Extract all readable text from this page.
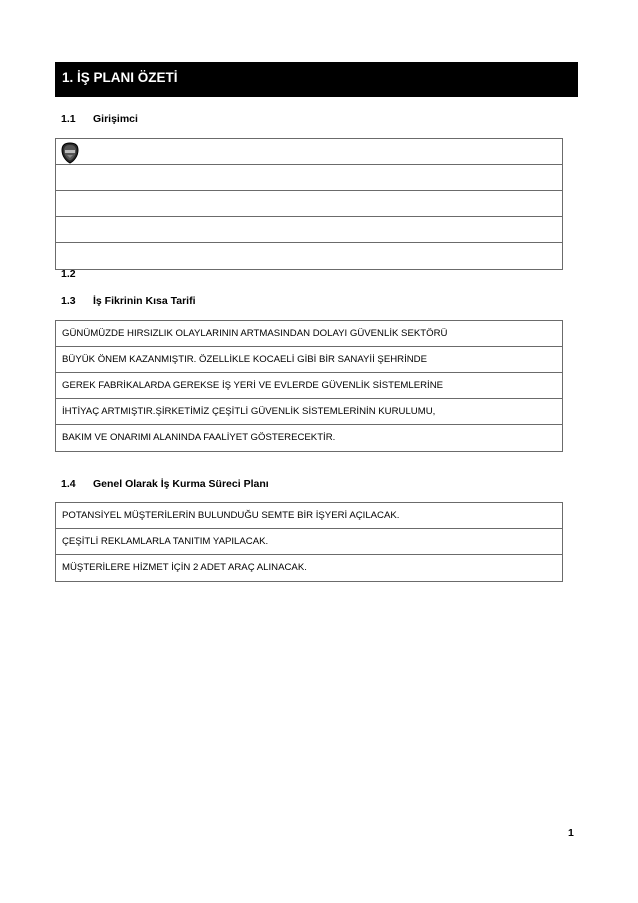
1. İŞ PLANI ÖZETİ
1.1 Girişimci
1.2
1.3 İş Fikrinin Kısa Tarifi
GÜNÜMÜZDE HIRSIZLIK OLAYLARININ ARTMASINDAN DOLAYI GÜVENLİK SEKTÖRÜ
BÜYÜK ÖNEM KAZANMIŞTIR. ÖZELLİKLE KOCAELİ GİBİ BİR SANAYİİ ŞEHRİNDE
GEREK FABRİKALARDA GEREKSE İŞ YERİ VE EVLERDE GÜVENLİK SİSTEMLERİNE
İHTİYAÇ ARTMIŞTIR.ŞİRKETİMİZ ÇEŞİTLİ GÜVENLİK SİSTEMLERİNİN KURULUMU,
BAKIM VE ONARIMI ALANINDA FAALİYET GÖSTERECEKTİR.
1.4 Genel Olarak İş Kurma Süreci Planı
POTANSİYEL MÜŞTERİLERİN BULUNDUĞU SEMTE BİR İŞYERİ AÇILACAK.
ÇEŞİTLİ REKLAMLARLA TANITIM YAPILACAK.
MÜŞTERİLERE HİZMET İÇİN 2 ADET ARAÇ ALINACAK.
1
